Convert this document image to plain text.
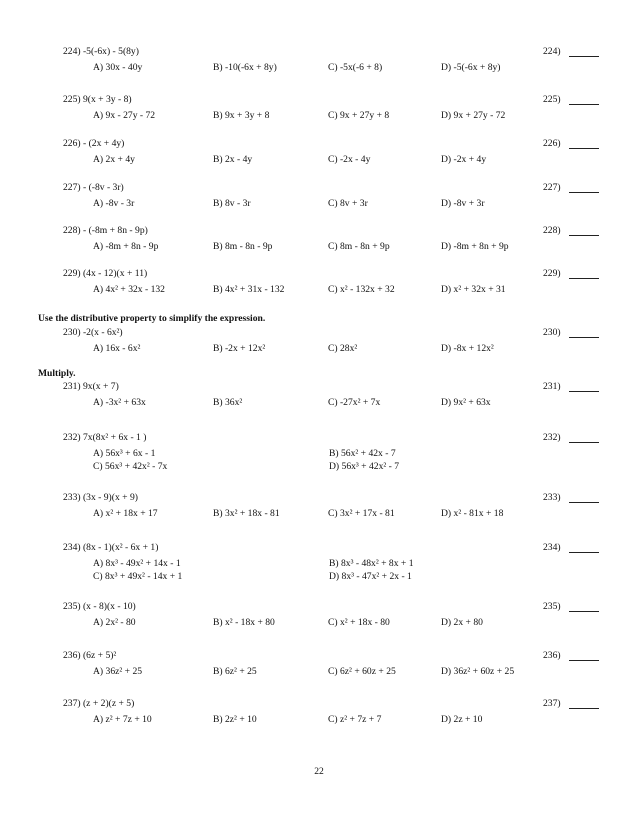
224) -5(-6x) - 5(8y)	224)
A) 30x - 40y	B) -10(-6x + 8y)	C) -5x(-6 + 8)	D) -5(-6x + 8y)
225) 9(x + 3y - 8)	225)
A) 9x - 27y - 72	B) 9x + 3y + 8	C) 9x + 27y + 8	D) 9x + 27y - 72
226) - (2x + 4y)	226)
A) 2x + 4y	B) 2x - 4y	C) -2x - 4y	D) -2x + 4y
227) - (-8v - 3r)	227)
A) -8v - 3r	B) 8v - 3r	C) 8v + 3r	D) -8v + 3r
228) - (-8m + 8n - 9p)	228)
A) -8m + 8n - 9p	B) 8m - 8n - 9p	C) 8m - 8n + 9p	D) -8m + 8n + 9p
229) (4x - 12)(x + 11)	229)
A) 4x² + 32x - 132	B) 4x² + 31x - 132	C) x² - 132x + 32	D) x² + 32x + 31
Use the distributive property to simplify the expression.
230) -2(x - 6x²)	230)
A) 16x - 6x²	B) -2x + 12x²	C) 28x²	D) -8x + 12x²
Multiply.
231) 9x(x + 7)	231)
A) -3x² + 63x	B) 36x²	C) -27x² + 7x	D) 9x² + 63x
232) 7x(8x² + 6x - 1 )	232)
A) 56x³ + 6x - 1	B) 56x² + 42x - 7
C) 56x³ + 42x² - 7x	D) 56x³ + 42x² - 7
233) (3x - 9)(x + 9)	233)
A) x² + 18x + 17	B) 3x² + 18x - 81	C) 3x² + 17x - 81	D) x² - 81x + 18
234) (8x - 1)(x² - 6x + 1)	234)
A) 8x³ - 49x² + 14x - 1	B) 8x³ - 48x² + 8x + 1
C) 8x³ + 49x² - 14x + 1	D) 8x³ - 47x² + 2x - 1
235) (x - 8)(x - 10)	235)
A) 2x² - 80	B) x² - 18x + 80	C) x² + 18x - 80	D) 2x + 80
236) (6z + 5)²	236)
A) 36z² + 25	B) 6z² + 25	C) 6z² + 60z + 25	D) 36z² + 60z + 25
237) (z + 2)(z + 5)	237)
A) z² + 7z + 10	B) 2z² + 10	C) z² + 7z + 7	D) 2z + 10
22
